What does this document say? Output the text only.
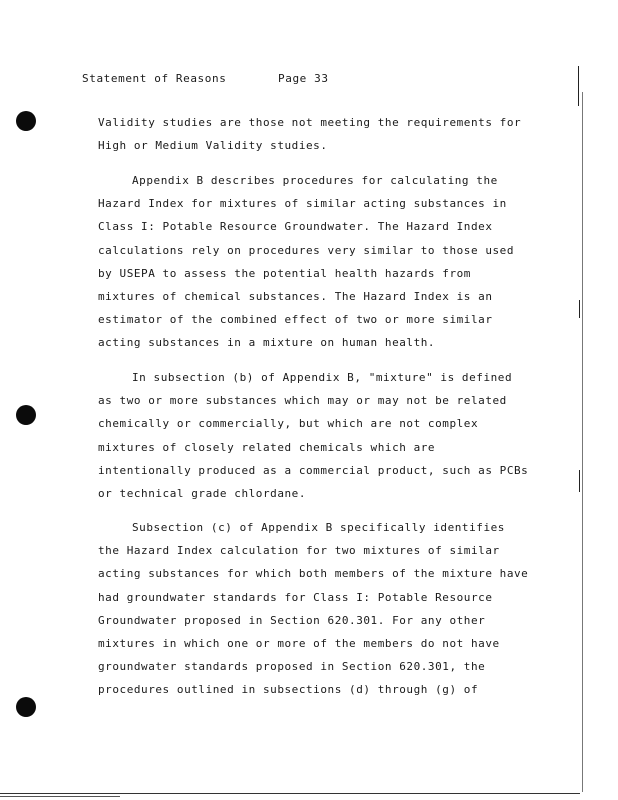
Statement of Reasons	Page 33
Validity studies are those not meeting the requirements for
High or Medium Validity studies.
Appendix B describes procedures for calculating the
Hazard Index for mixtures of similar acting substances in
Class I: Potable Resource Groundwater. The Hazard Index
calculations rely on procedures very similar to those used
by USEPA to assess the potential health hazards from
mixtures of chemical substances. The Hazard Index is an
estimator of the combined effect of two or more similar
acting substances in a mixture on human health.
In subsection (b) of Appendix B, "mixture" is defined
as two or more substances which may or may not be related
chemically or commercially, but which are not complex
mixtures of closely related chemicals which are
intentionally produced as a commercial product, such as PCBs
or technical grade chlordane.
Subsection (c) of Appendix B specifically identifies
the Hazard Index calculation for two mixtures of similar
acting substances for which both members of the mixture have
had groundwater standards for Class I: Potable Resource
Groundwater proposed in Section 620.301. For any other
mixtures in which one or more of the members do not have
groundwater standards proposed in Section 620.301, the
procedures outlined in subsections (d) through (g) of
